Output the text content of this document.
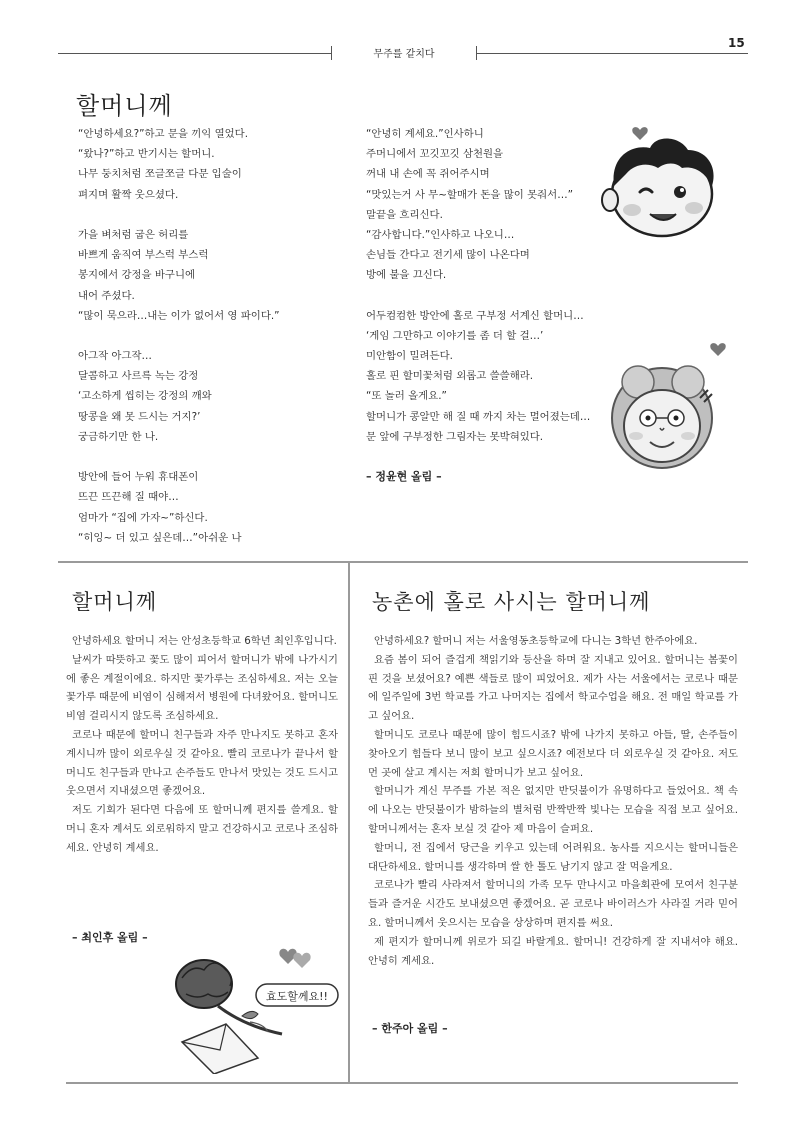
무주를 같치다
15
할머니께
“안녕하세요?”하고 문을 끼익 열었다.
“왔나?”하고 반기시는 할머니.
나무 둥치처럼 쪼글쪼글 다문 입술이
펴지며 활짝 웃으셨다.
가을 벼처럼 굽은 허리를
바쁘게 움직여 부스럭 부스럭
봉지에서 강정을 바구니에
내어 주셨다.
“많이 묵으라…내는 이가 없어서 영 파이다.”
아그작 아그작…
달콤하고 사르륵 녹는 강정
‘고소하게 씹히는 강정의 깨와
땅콩을 왜 못 드시는 거지?’
궁금하기만 한 나.
방안에 들어 누워 휴대폰이
뜨끈 뜨끈해 질 때야…
엄마가 “집에 가자~”하신다.
“히잉~ 더 있고 싶은데…”아쉬운 나
“안녕히 계세요.”인사하니
주머니에서 꼬깃꼬깃 삼천원을
꺼내 내 손에 꼭 쥐어주시며
“맛있는거 사 무~할매가 돈을 많이 못줘서…”
말끝을 흐리신다.
“감사합니다.”인사하고 나오니…
손님들 간다고 전기세 많이 나온다며
방에 불을 끄신다.
어두컴컴한 방안에 홀로 구부정 서계신 할머니…
‘게임 그만하고 이야기를 좀 더 할 걸…’
미안함이 밀려든다.
홀로 핀 할미꽃처럼 외롭고 쓸쓸해라.
“또 놀러 올게요.”
할머니가 콩알만 해 질 때 까지 차는 멀어졌는데…
문 앞에 구부정한 그림자는 못박혀있다.
– 정윤현 올림 –
할머니께

안녕하세요 할머니 저는 안성초등학교 6학년 최인후입니다.

날씨가 따뜻하고 꽃도 많이 피어서 할머니가 밖에 나가시기에 좋은 계절이에요. 하지만 꽃가루는 조심하세요. 저는 오늘 꽃가루 때문에 비염이 심해져서 병원에 다녀왔어요. 할머니도 비염 걸리시지 않도록 조심하세요.

코로나 때문에 할머니 친구들과 자주 만나지도 못하고 혼자 계시니까 많이 외로우실 것 같아요. 빨리 코로나가 끝나서 할머니도 친구들과 만나고 손주들도 만나서 맛있는 것도 드시고 웃으면서 지내셨으면 좋겠어요.

저도 기회가 된다면 다음에 또 할머니께 편지를 쓸게요. 할머니 혼자 계셔도 외로워하지 말고 건강하시고 코로나 조심하세요. 안녕히 계세요.

– 최인후 올림 –
효도할께요!!
농촌에 홀로 사시는 할머니께

안녕하세요? 할머니 저는 서울영동초등학교에 다니는 3학년 한주아에요.

요즘 봄이 되어 즐겁게 책읽기와 등산을 하며 잘 지내고 있어요. 할머니는 봄꽃이 핀 것을 보셨어요? 예쁜 색들로 많이 피었어요. 제가 사는 서울에서는 코로나 때문에 일주일에 3번 학교를 가고 나머지는 집에서 학교수업을 해요. 전 매일 학교를 가고 싶어요.

할머니도 코로나 때문에 많이 힘드시죠? 밖에 나가지 못하고 아들, 딸, 손주들이 찾아오기 힘들다 보니 많이 보고 싶으시죠? 예전보다 더 외로우실 것 같아요. 저도 먼 곳에 살고 계시는 저희 할머니가 보고 싶어요.

할머니가 계신 무주를 가본 적은 없지만 반딧불이가 유명하다고 들었어요. 책 속에 나오는 반딧불이가 밤하늘의 별처럼 반짝반짝 빛나는 모습을 직접 보고 싶어요. 할머니께서는 혼자 보실 것 같아 제 마음이 슬퍼요.

할머니, 전 집에서 당근을 키우고 있는데 어려워요. 농사를 지으시는 할머니들은 대단하세요. 할머니를 생각하며 쌀 한 톨도 남기지 않고 잘 먹을게요.

코로나가 빨리 사라져서 할머니의 가족 모두 만나시고 마을회관에 모여서 친구분들과 즐거운 시간도 보내셨으면 좋겠어요. 곧 코로나 바이러스가 사라질 거라 믿어요. 할머니께서 웃으시는 모습을 상상하며 편지를 써요.

제 편지가 할머니께 위로가 되길 바랄게요. 할머니! 건강하게 잘 지내셔야 해요. 안녕히 계세요.

– 한주아 올림 –
